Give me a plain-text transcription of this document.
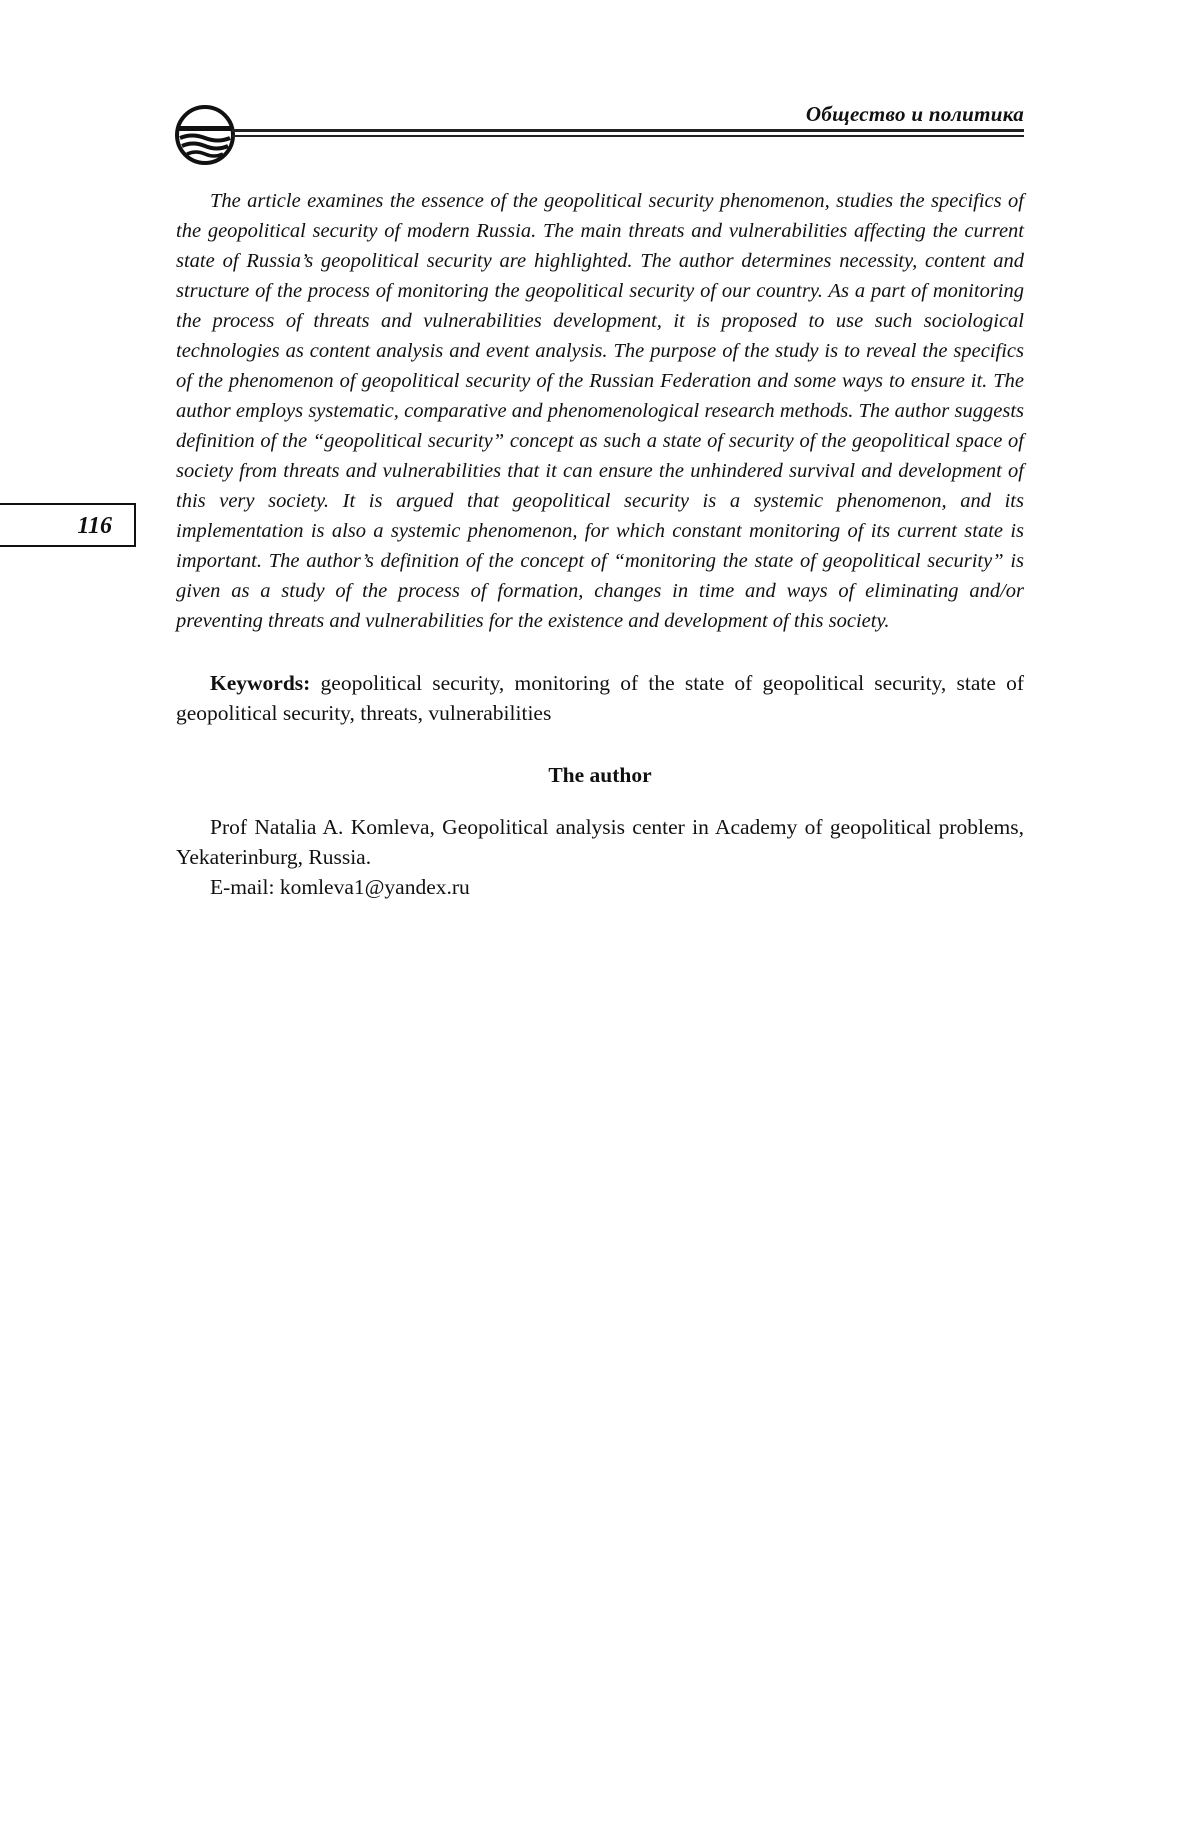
Общество и политика
116

The article examines the essence of the geopolitical security phenomenon, studies the specifics of the geopolitical security of modern Russia. The main threats and vulnerabilities affecting the current state of Russia’s geopolitical security are highlighted. The author determines necessity, content and structure of the process of monitoring the geopolitical security of our country. As a part of monitoring the process of threats and vulnerabilities development, it is proposed to use such sociological technologies as content analysis and event analysis. The purpose of the study is to reveal the specifics of the phenomenon of geopolitical security of the Russian Federation and some ways to ensure it. The author employs systematic, comparative and phenomenological research methods. The author suggests definition of the “geopolitical security” concept as such a state of security of the geopolitical space of society from threats and vulnerabilities that it can ensure the unhindered survival and development of this very society. It is argued that geopolitical security is a systemic phenomenon, and its implementation is also a systemic phenomenon, for which constant monitoring of its current state is important. The author’s definition of the concept of “monitoring the state of geopolitical security” is given as a study of the process of formation, changes in time and ways of eliminating and/or preventing threats and vulnerabilities for the existence and development of this society.

Keywords: geopolitical security, monitoring of the state of geopolitical security, state of geopolitical security, threats, vulnerabilities

The author

Prof Natalia A. Komleva, Geopolitical analysis center in Academy of geopolitical problems, Yekaterinburg, Russia.

E-mail: komleva1@yandex.ru
